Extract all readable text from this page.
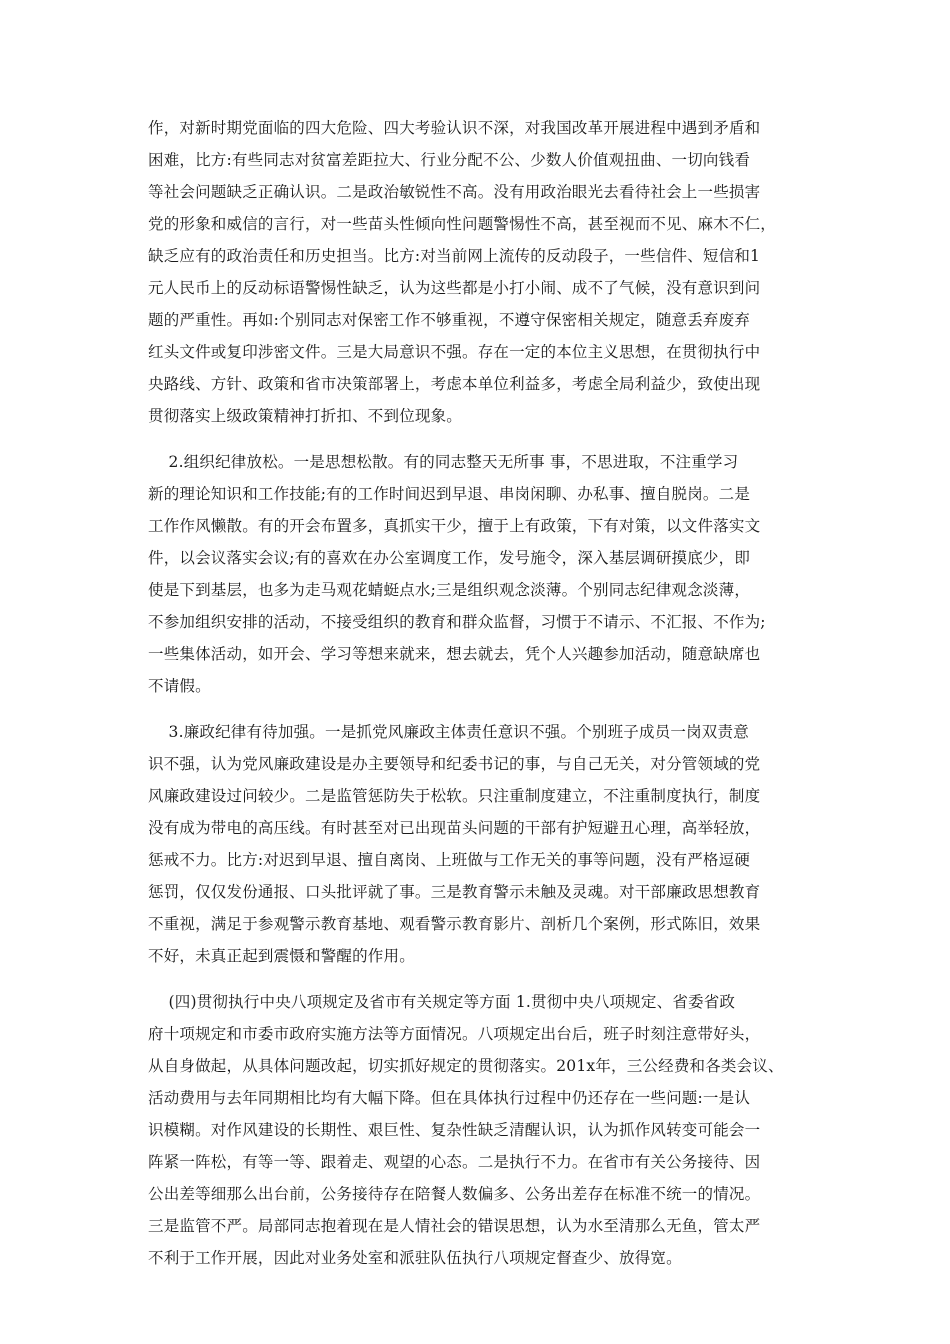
作，对新时期党面临的四大危险、四大考验认识不深，对我国改革开展进程中遇到矛盾和
困难，比方:有些同志对贫富差距拉大、行业分配不公、少数人价值观扭曲、一切向钱看
等社会问题缺乏正确认识。二是政治敏锐性不高。没有用政治眼光去看待社会上一些损害
党的形象和威信的言行，对一些苗头性倾向性问题警惕性不高，甚至视而不见、麻木不仁，
缺乏应有的政治责任和历史担当。比方:对当前网上流传的反动段子，一些信件、短信和1
元人民币上的反动标语警惕性缺乏，认为这些都是小打小闹、成不了气候，没有意识到问
题的严重性。再如:个别同志对保密工作不够重视，不遵守保密相关规定，随意丢弃废弃
红头文件或复印涉密文件。三是大局意识不强。存在一定的本位主义思想，在贯彻执行中
央路线、方针、政策和省市决策部署上，考虑本单位利益多，考虑全局利益少，致使出现
贯彻落实上级政策精神打折扣、不到位现象。
2.组织纪律放松。一是思想松散。有的同志整天无所事 事，不思进取，不注重学习
新的理论知识和工作技能;有的工作时间迟到早退、串岗闲聊、办私事、擅自脱岗。二是
工作作风懒散。有的开会布置多，真抓实干少，擅于上有政策，下有对策，以文件落实文
件，以会议落实会议;有的喜欢在办公室调度工作，发号施令，深入基层调研摸底少，即
使是下到基层，也多为走马观花蜻蜓点水;三是组织观念淡薄。个别同志纪律观念淡薄，
不参加组织安排的活动，不接受组织的教育和群众监督，习惯于不请示、不汇报、不作为;
一些集体活动，如开会、学习等想来就来，想去就去，凭个人兴趣参加活动，随意缺席也
不请假。
3.廉政纪律有待加强。一是抓党风廉政主体责任意识不强。个别班子成员一岗双责意
识不强，认为党风廉政建设是办主要领导和纪委书记的事，与自己无关，对分管领域的党
风廉政建设过问较少。二是监管惩防失于松软。只注重制度建立，不注重制度执行，制度
没有成为带电的高压线。有时甚至对已出现苗头问题的干部有护短避丑心理，高举轻放，
惩戒不力。比方:对迟到早退、擅自离岗、上班做与工作无关的事等问题，没有严格逗硬
惩罚，仅仅发份通报、口头批评就了事。三是教育警示未触及灵魂。对干部廉政思想教育
不重视，满足于参观警示教育基地、观看警示教育影片、剖析几个案例，形式陈旧，效果
不好，未真正起到震慑和警醒的作用。
(四)贯彻执行中央八项规定及省市有关规定等方面 1.贯彻中央八项规定、省委省政
府十项规定和市委市政府实施方法等方面情况。八项规定出台后，班子时刻注意带好头，
从自身做起，从具体问题改起，切实抓好规定的贯彻落实。201x年，三公经费和各类会议、
活动费用与去年同期相比均有大幅下降。但在具体执行过程中仍还存在一些问题:一是认
识模糊。对作风建设的长期性、艰巨性、复杂性缺乏清醒认识，认为抓作风转变可能会一
阵紧一阵松，有等一等、跟着走、观望的心态。二是执行不力。在省市有关公务接待、因
公出差等细那么出台前，公务接待存在陪餐人数偏多、公务出差存在标准不统一的情况。
三是监管不严。局部同志抱着现在是人情社会的错误思想，认为水至清那么无鱼，管太严
不利于工作开展，因此对业务处室和派驻队伍执行八项规定督查少、放得宽。
